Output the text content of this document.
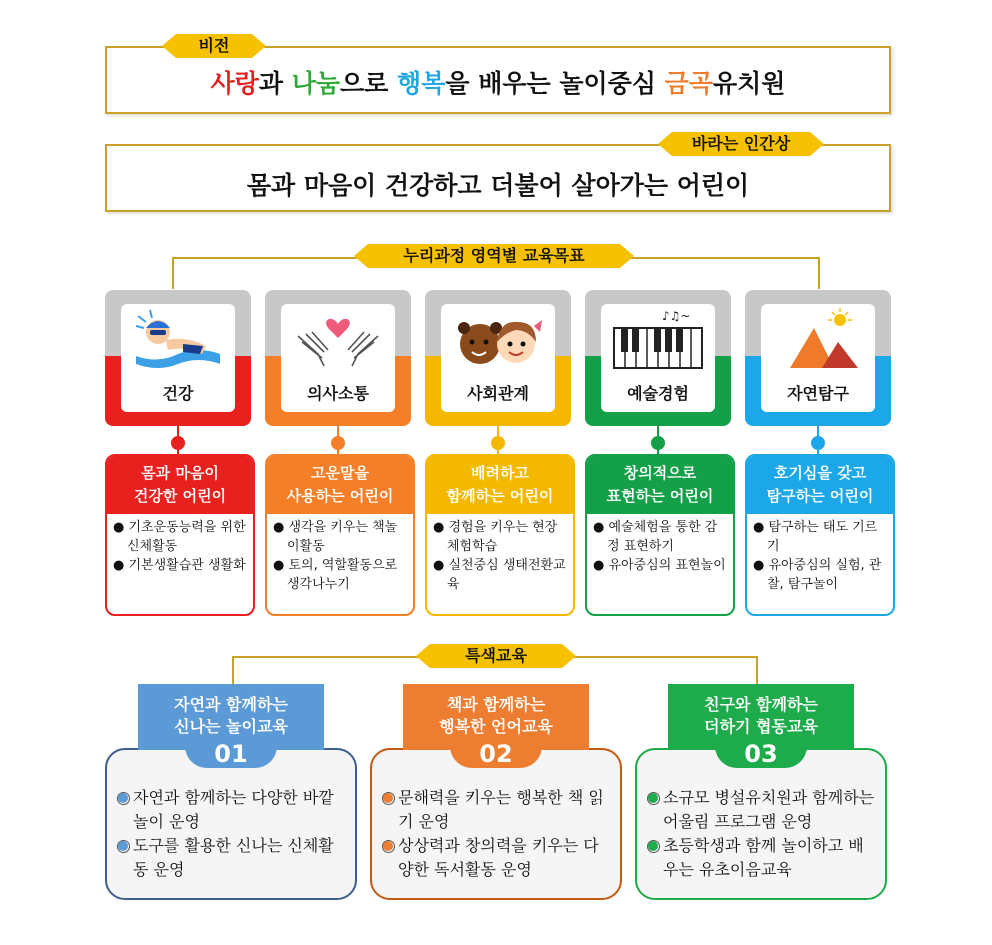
사랑과 나눔으로 행복을 배우는 놀이중심 금곡유치원
비전
몸과 마음이 건강하고 더불어 살아가는 어린이
바라는 인간상
누리과정 영역별 교육목표
건강
몸과 마음이
건강한 어린이
● 기초운동능력을 위한 신체활동
● 기본생활습관 생활화
의사소통
고운말을
사용하는 어린이
● 생각을 키우는 책놀이활동
● 토의, 역할활동으로 생각나누기
사회관계
배려하고
함께하는 어린이
● 경험을 키우는 현장체험학습
● 실천중심 생태전환교육
♪♫~
예술경험
창의적으로
표현하는 어린이
● 예술체험을 통한 감정 표현하기
● 유아중심의 표현놀이
자연탐구
호기심을 갖고
탐구하는 어린이
● 탐구하는 태도 기르기
● 유아중심의 실험, 관찰, 탐구놀이
특색교육
자연과 함께하는
신나는 놀이교육
01
자연과 함께하는 다양한 바깥놀이 운영
도구를 활용한 신나는 신체활동 운영
책과 함께하는
행복한 언어교육
02
문해력을 키우는 행복한 책 읽기 운영
상상력과 창의력을 키우는 다양한 독서활동 운영
친구와 함께하는
더하기 협동교육
03
소규모 병설유치원과 함께하는 어울림 프로그램 운영
초등학생과 함께 놀이하고 배우는 유초이음교육
